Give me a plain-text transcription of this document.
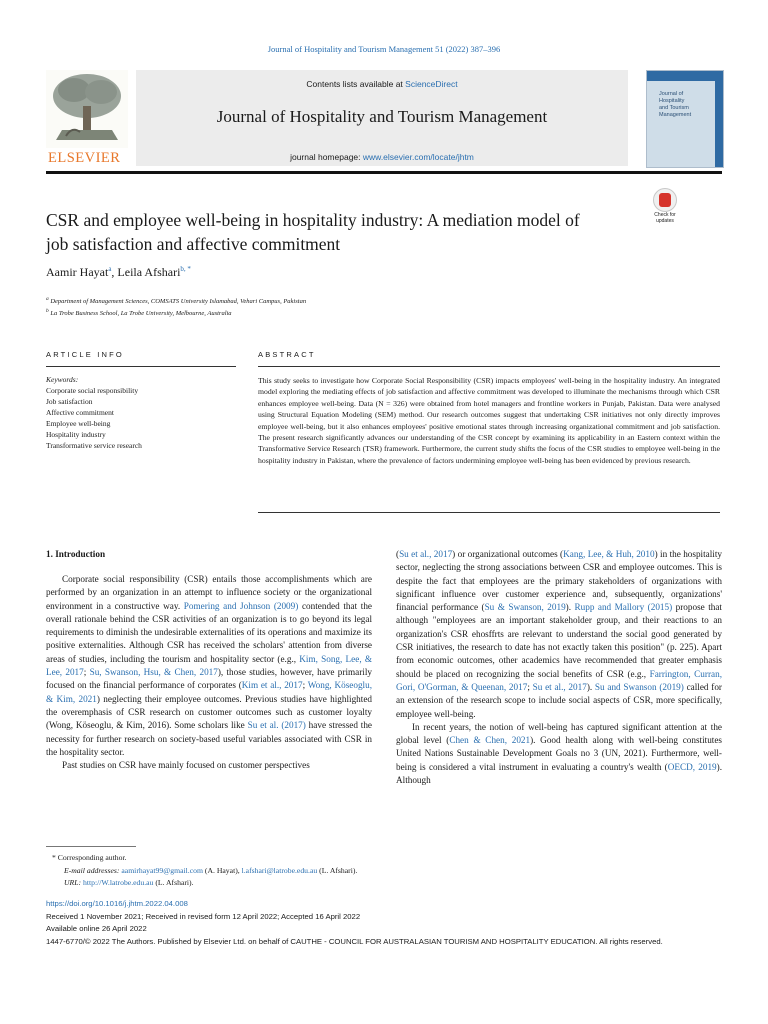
Journal of Hospitality and Tourism Management 51 (2022) 387–396
ELSEVIER
Contents lists available at ScienceDirect
Journal of Hospitality and Tourism Management
journal homepage: www.elsevier.com/locate/jhtm
Journal of
Hospitality
and Tourism
Management
Check for
updates
CSR and employee well-being in hospitality industry: A mediation model of
job satisfaction and affective commitment
Aamir Hayat$^a$, Leila Afshari$^{b, *}$
$^a$ Department of Management Sciences, COMSATS University Islamabad, Vehari Campus, Pakistan
$^b$ La Trobe Business School, La Trobe University, Melbourne, Australia
ARTICLE INFO	ABSTRACT
Keywords:
Corporate social responsibility
Job satisfaction
Affective commitment
Employee well-being
Hospitality industry
Transformative service research
This study seeks to investigate how Corporate Social Responsibility (CSR) impacts employees' well-being in the hospitality industry. An integrated model exploring the mediating effects of job satisfaction and affective commitment was developed to illuminate the mechanisms through which CSR enhances employee well-being. Data (N = 326) were obtained from hotel managers and frontline workers in Punjab, Pakistan. Data were analysed using Structural Equation Modeling (SEM) method. Our research outcomes suggest that undertaking CSR initiatives not only directly improves employee well-being, but it also enhances employees' positive emotional states through increasing organizational commitment and job satisfaction. The present research significantly advances our understanding of the CSR concept by examining its applicability in an Eastern context within the Transformative Service Research (TSR) framework. Furthermore, the current study shifts the focus of the CSR studies to employee well-being in the hospitality industry in Pakistan, where the prevalence of factors undermining employee well-being has been evidenced by previous research.
1. Introduction

Corporate social responsibility (CSR) entails those accomplishments which are performed by an organization in an attempt to influence society or the organizational environment in a constructive way. Pomering and Johnson (2009) contended that the overall rationale behind the CSR activities of an organization is to go beyond its legal requirements to diminish the undesirable externalities of its operations and maximize its positive externalities. Although CSR has received the scholars' attention from diverse areas of studies, including the tourism and hospitality sector (e.g., Kim, Song, Lee, & Lee, 2017; Su, Swanson, Hsu, & Chen, 2017), those studies, however, have primarily focused on the financial performance of corporates (Kim et al., 2017; Wong, Köseoglu, & Kim, 2021) neglecting their employee outcomes. Previous studies have highlighted the overemphasis of CSR research on customer outcomes such as customer loyalty (Wong, Köseoglu, & Kim, 2016). Some scholars like Su et al. (2017) have stressed the necessity for further research on society-based useful variables associated with CSR in the hospitality sector.

Past studies on CSR have mainly focused on customer perspectives

(Su et al., 2017) or organizational outcomes (Kang, Lee, & Huh, 2010) in the hospitality sector, neglecting the strong associations between CSR and employee outcomes. This is despite the fact that employees are the primary stakeholders of organizations with significant influence over customer experience and, subsequently, organizations' financial performance (Su & Swanson, 2019). Rupp and Mallory (2015) propose that although "employees are an important stakeholder group, and their reactions to an organization's CSR ehosffrts are relevant to understand the social good generated by CSR initiatives, the research to date has not exactly taken this position" (p. 225). Apart from economic outcomes, other academics have recommended that greater emphasis should be placed on recognizing the social benefits of CSR (e.g., Farrington, Curran, Gori, O'Gorman, & Queenan, 2017; Su et al., 2017). Su and Swanson (2019) called for an extension of the research scope to include social aspects of CSR, more specifically, employee well-being.

In recent years, the notion of well-being has captured significant attention at the global level (Chen & Chen, 2021). Good health along with well-being constitutes United Nations Sustainable Development Goals no 3 (UN, 2021). Furthermore, well-being is considered a vital instrument in evaluating a country's wealth (OECD, 2019). Although

* Corresponding author.
E-mail addresses: aamirhayat99@gmail.com (A. Hayat), l.afshari@latrobe.edu.au (L. Afshari).
URL: http://W.latrobe.edu.au (L. Afshari).
https://doi.org/10.1016/j.jhtm.2022.04.008
Received 1 November 2021; Received in revised form 12 April 2022; Accepted 16 April 2022
Available online 26 April 2022
1447-6770/© 2022 The Authors. Published by Elsevier Ltd. on behalf of CAUTHE - COUNCIL FOR AUSTRALASIAN TOURISM AND HOSPITALITY EDUCATION. All rights reserved.
